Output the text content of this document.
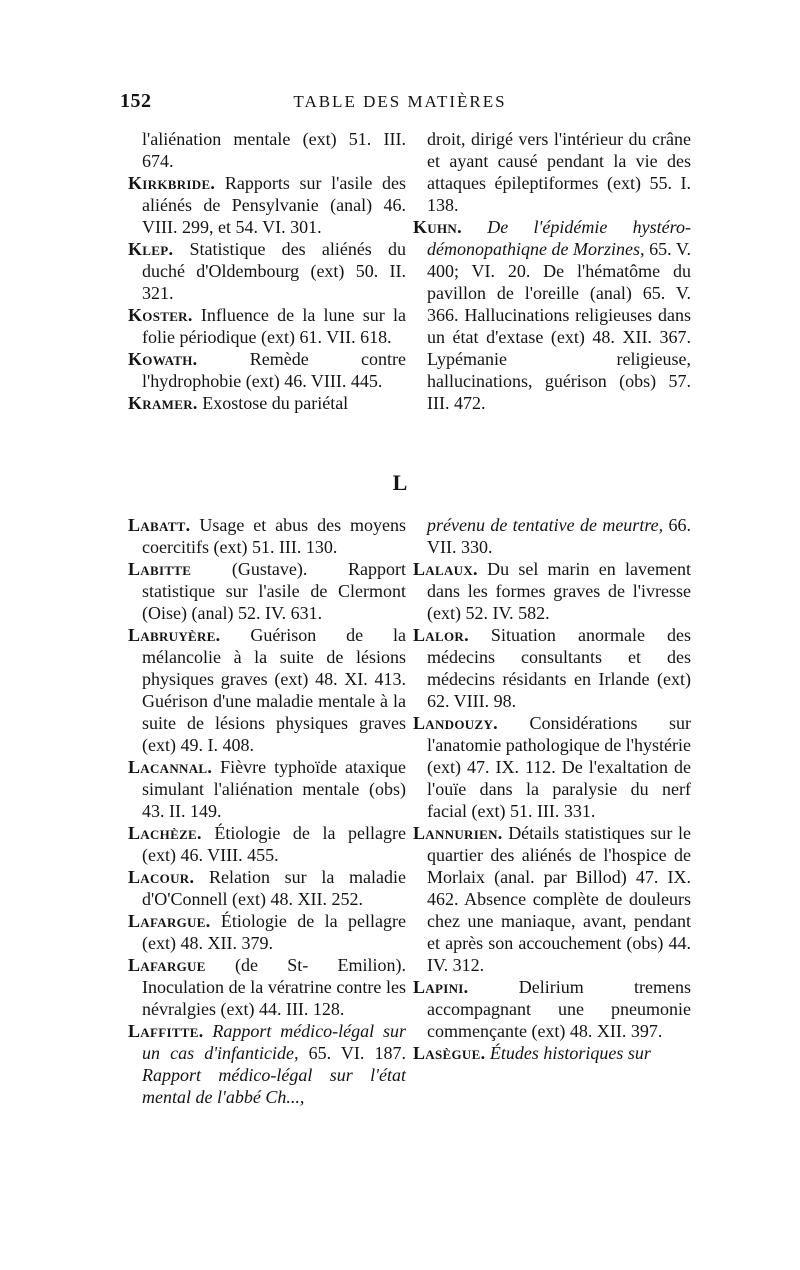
152	TABLE DES MATIÈRES

l'aliénation mentale (ext) 51. III. 674.

Kirkbride. Rapports sur l'asile des aliénés de Pensylvanie (anal) 46. VIII. 299, et 54. VI. 301.

Klep. Statistique des aliénés du duché d'Oldembourg (ext) 50. II. 321.

Koster. Influence de la lune sur la folie périodique (ext) 61. VII. 618.

Kowath. Remède contre l'hydrophobie (ext) 46. VIII. 445.

Kramer. Exostose du pariétal

droit, dirigé vers l'intérieur du crâne et ayant causé pendant la vie des attaques épileptiformes (ext) 55. I. 138.

Kuhn. De l'épidémie hystéro-démonopathiqne de Morzines, 65. V. 400; VI. 20. De l'hématôme du pavillon de l'oreille (anal) 65. V. 366. Hallucinations religieuses dans un état d'extase (ext) 48. XII. 367. Lypémanie religieuse, hallucinations, guérison (obs) 57. III. 472.

L

Labatt. Usage et abus des moyens coercitifs (ext) 51. III. 130.

Labitte (Gustave). Rapport statistique sur l'asile de Clermont (Oise) (anal) 52. IV. 631.

Labruyère. Guérison de la mélancolie à la suite de lésions physiques graves (ext) 48. XI. 413. Guérison d'une maladie mentale à la suite de lésions physiques graves (ext) 49. I. 408.

Lacannal. Fièvre typhoïde ataxique simulant l'aliénation mentale (obs) 43. II. 149.

Lachèze. Étiologie de la pellagre (ext) 46. VIII. 455.

Lacour. Relation sur la maladie d'O'Connell (ext) 48. XII. 252.

Lafargue. Étiologie de la pellagre (ext) 48. XII. 379.

Lafargue (de St- Emilion). Inoculation de la vératrine contre les névralgies (ext) 44. III. 128.

Laffitte. Rapport médico-légal sur un cas d'infanticide, 65. VI. 187. Rapport médico-légal sur l'état mental de l'abbé Ch...,

prévenu de tentative de meurtre, 66. VII. 330.

Lalaux. Du sel marin en lavement dans les formes graves de l'ivresse (ext) 52. IV. 582.

Lalor. Situation anormale des médecins consultants et des médecins résidants en Irlande (ext) 62. VIII. 98.

Landouzy. Considérations sur l'anatomie pathologique de l'hystérie (ext) 47. IX. 112. De l'exaltation de l'ouïe dans la paralysie du nerf facial (ext) 51. III. 331.

Lannurien. Détails statistiques sur le quartier des aliénés de l'hospice de Morlaix (anal. par Billod) 47. IX. 462. Absence complète de douleurs chez une maniaque, avant, pendant et après son accouchement (obs) 44. IV. 312.

Lapini. Delirium tremens accompagnant une pneumonie commençante (ext) 48. XII. 397.

Lasègue. Études historiques sur
